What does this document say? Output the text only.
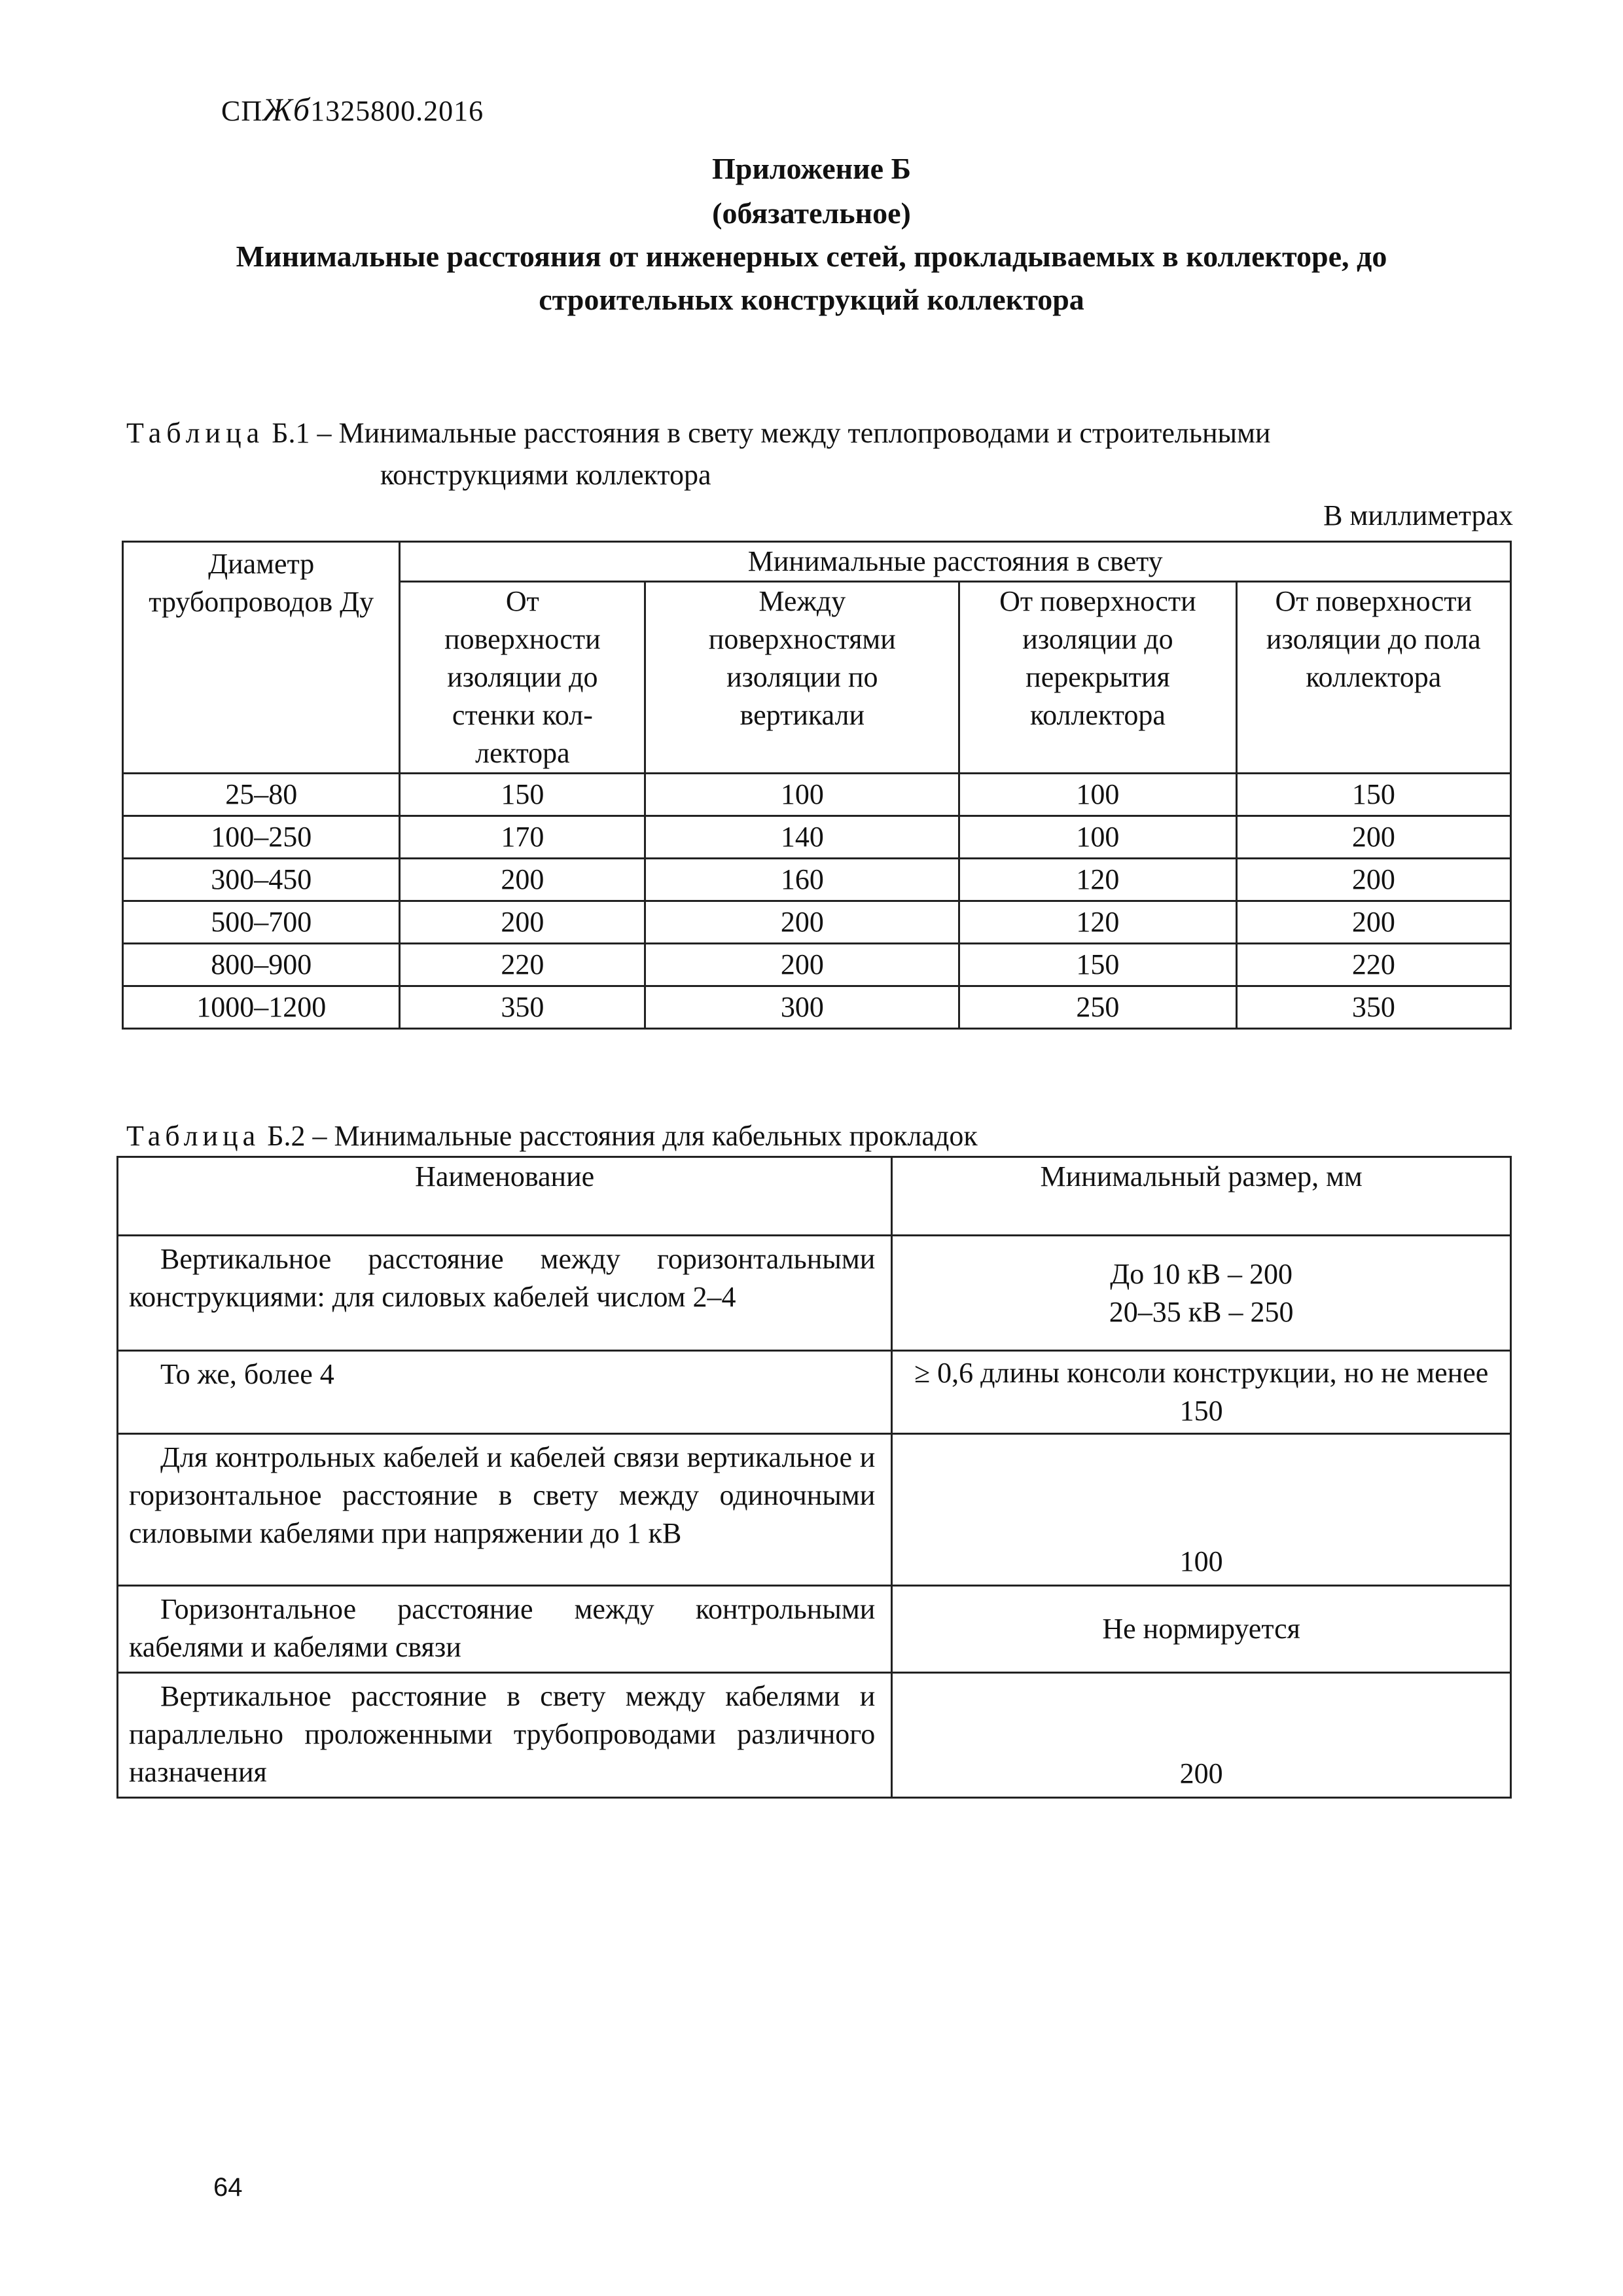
СПЖб1325800.2016
Приложение Б
(обязательное)
Минимальные расстояния от инженерных сетей, прокладываемых в коллекторе, до
строительных конструкций коллектора
Таблица Б.1 – Минимальные расстояния в свету между теплопроводами и строительными
конструкциями коллектора
В миллиметрах
Диаметр трубопроводов Ду	Минимальные расстояния в свету			
	От поверхности изоляции до стенки кол-лектора	Между поверхностями изоляции по вертикали	От поверхности изоляции до перекрытия коллектора	От поверхности изоляции до пола коллектора
25–80	150	100	100	150
100–250	170	140	100	200
300–450	200	160	120	200
500–700	200	200	120	200
800–900	220	200	150	220
1000–1200	350	300	250	350
Таблица Б.2 – Минимальные расстояния для кабельных прокладок
Наименование	Минимальный размер, мм

Вертикальное расстояние между горизонтальными конструкциями: для силовых кабелей числом 2–4	До 10 кВ – 200
20–35 кВ – 250

То же, более 4	≥ 0,6 длины консоли конструкции, но не менее 150

Для контрольных кабелей и кабелей связи вертикальное и горизонтальное расстояние в свету между одиночными силовыми кабелями при напряжении до 1 кВ	100

Горизонтальное расстояние между контрольными кабелями и кабелями связи	Не нормируется

Вертикальное расстояние в свету между кабелями и параллельно проложенными трубопроводами различного назначения	200
64
